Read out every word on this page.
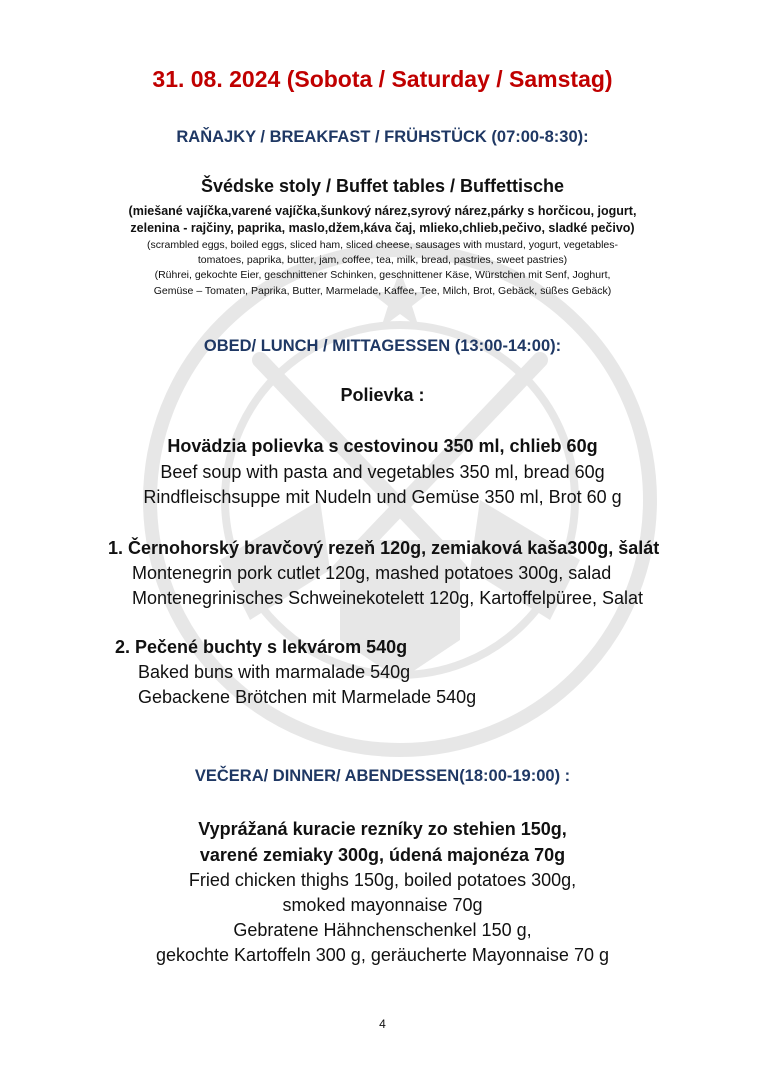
31. 08. 2024 (Sobota / Saturday / Samstag)
RAŇAJKY / BREAKFAST / FRÜHSTÜCK (07:00-8:30):
Švédske stoly / Buffet tables / Buffettische
(miešané vajíčka,varené vajíčka,šunkový nárez,syrový nárez,párky s horčicou, jogurt,
zelenina - rajčiny, paprika, maslo,džem,káva čaj, mlieko,chlieb,pečivo, sladké pečivo)
(scrambled eggs, boiled eggs, sliced ham, sliced cheese, sausages with mustard, yogurt, vegetables-
tomatoes, paprika, butter, jam, coffee, tea, milk, bread, pastries, sweet pastries)
(Rührei, gekochte Eier, geschnittener Schinken, geschnittener Käse, Würstchen mit Senf, Joghurt,
Gemüse – Tomaten, Paprika, Butter, Marmelade, Kaffee, Tee, Milch, Brot, Gebäck, süßes Gebäck)
OBED/ LUNCH / MITTAGESSEN (13:00-14:00):
Polievka :
Hovädzia polievka s cestovinou 350 ml, chlieb 60g
Beef soup with pasta and vegetables 350 ml, bread 60g
Rindfleischsuppe mit Nudeln und Gemüse 350 ml, Brot 60 g
1. Černohorský bravčový rezeň 120g, zemiaková kaša300g, šalát
Montenegrin pork cutlet 120g, mashed potatoes 300g, salad
Montenegrinisches Schweinekotelett 120g, Kartoffelpüree, Salat
2. Pečené buchty s lekvárom 540g
Baked buns with marmalade 540g
Gebackene Brötchen mit Marmelade 540g
VEČERA/ DINNER/ ABENDESSEN(18:00-19:00) :
Vyprážaná kuracie rezníky zo stehien 150g,
varené zemiaky 300g, údená majonéza 70g
Fried chicken thighs 150g, boiled potatoes 300g,
smoked mayonnaise 70g
Gebratene Hähnchenschenkel 150 g,
gekochte Kartoffeln 300 g, geräucherte Mayonnaise 70 g
4
